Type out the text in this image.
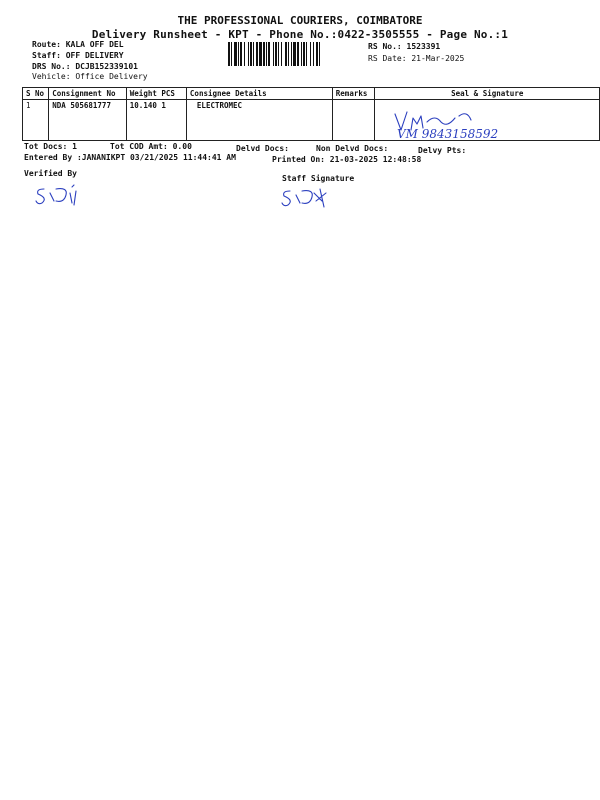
THE PROFESSIONAL COURIERS, COIMBATORE
Delivery Runsheet - KPT - Phone No.:0422-3505555 - Page No.:1
Route: KALA OFF DEL
Staff: OFF DELIVERY
DRS No.: DCJB152339101
Vehicle: Office Delivery
RS No.: 1523391
RS Date: 21-Mar-2025
S No	Consignment No	Weight PCS	Consignee Details	Remarks	Seal & Signature
1	NDA 505681777	10.140 1	ELECTROMEC		VM 9843158592
Tot Docs: 1	Tot COD Amt: 0.00	Delvd Docs:	Non Delvd Docs:	Delvy Pts:
Entered By :JANANIKPT 03/21/2025 11:44:41 AM	Printed On: 21-03-2025 12:48:58
Verified By
Staff Signature
